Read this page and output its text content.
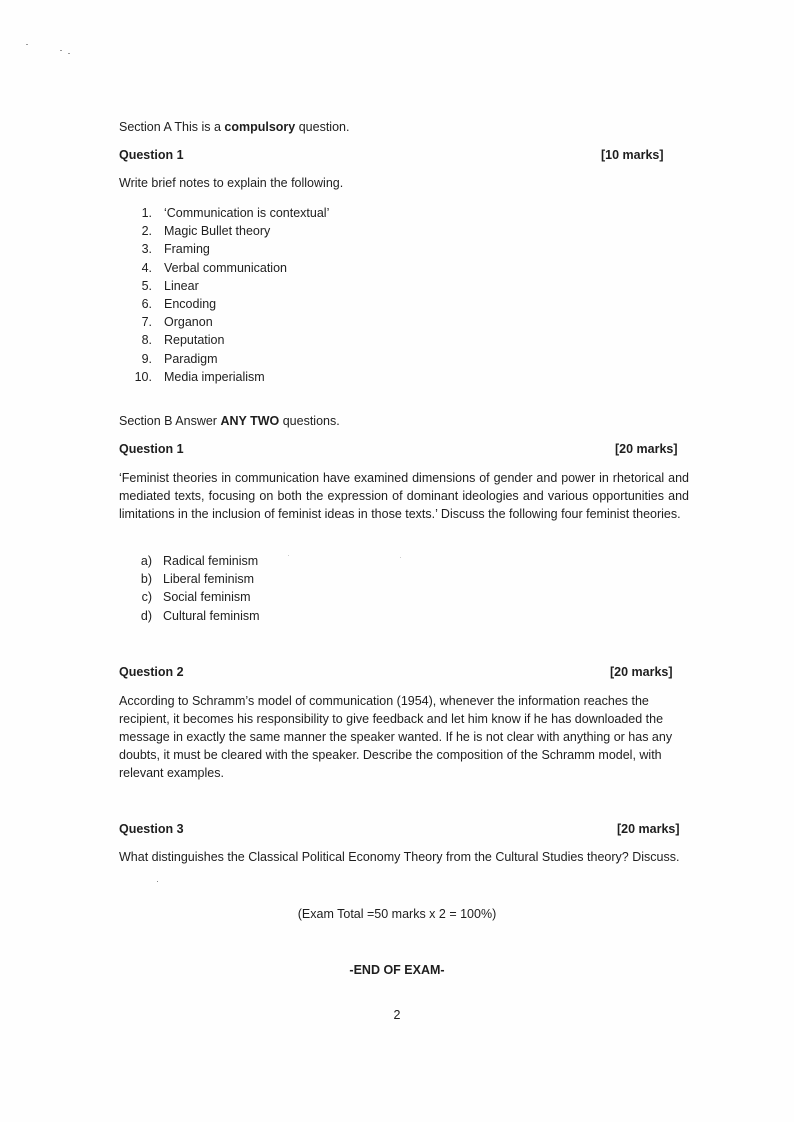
Section A This is a compulsory question.
Question 1	[10 marks]
Write brief notes to explain the following.
1. ‘Communication is contextual’
2. Magic Bullet theory
3. Framing
4. Verbal communication
5. Linear
6. Encoding
7. Organon
8. Reputation
9. Paradigm
10. Media imperialism
Section B Answer ANY TWO questions.
Question 1	[20 marks]
‘Feminist theories in communication have examined dimensions of gender and power in rhetorical and mediated texts, focusing on both the expression of dominant ideologies and various opportunities and limitations in the inclusion of feminist ideas in those texts.’ Discuss the following four feminist theories.
a) Radical feminism
b) Liberal feminism
c) Social feminism
d) Cultural feminism
Question 2	[20 marks]
According to Schramm’s model of communication (1954), whenever the information reaches the recipient, it becomes his responsibility to give feedback and let him know if he has downloaded the message in exactly the same manner the speaker wanted. If he is not clear with anything or has any doubts, it must be cleared with the speaker. Describe the composition of the Schramm model, with relevant examples.
Question 3	[20 marks]
What distinguishes the Classical Political Economy Theory from the Cultural Studies theory? Discuss.
(Exam Total =50 marks x 2 = 100%)
-END OF EXAM-
2
